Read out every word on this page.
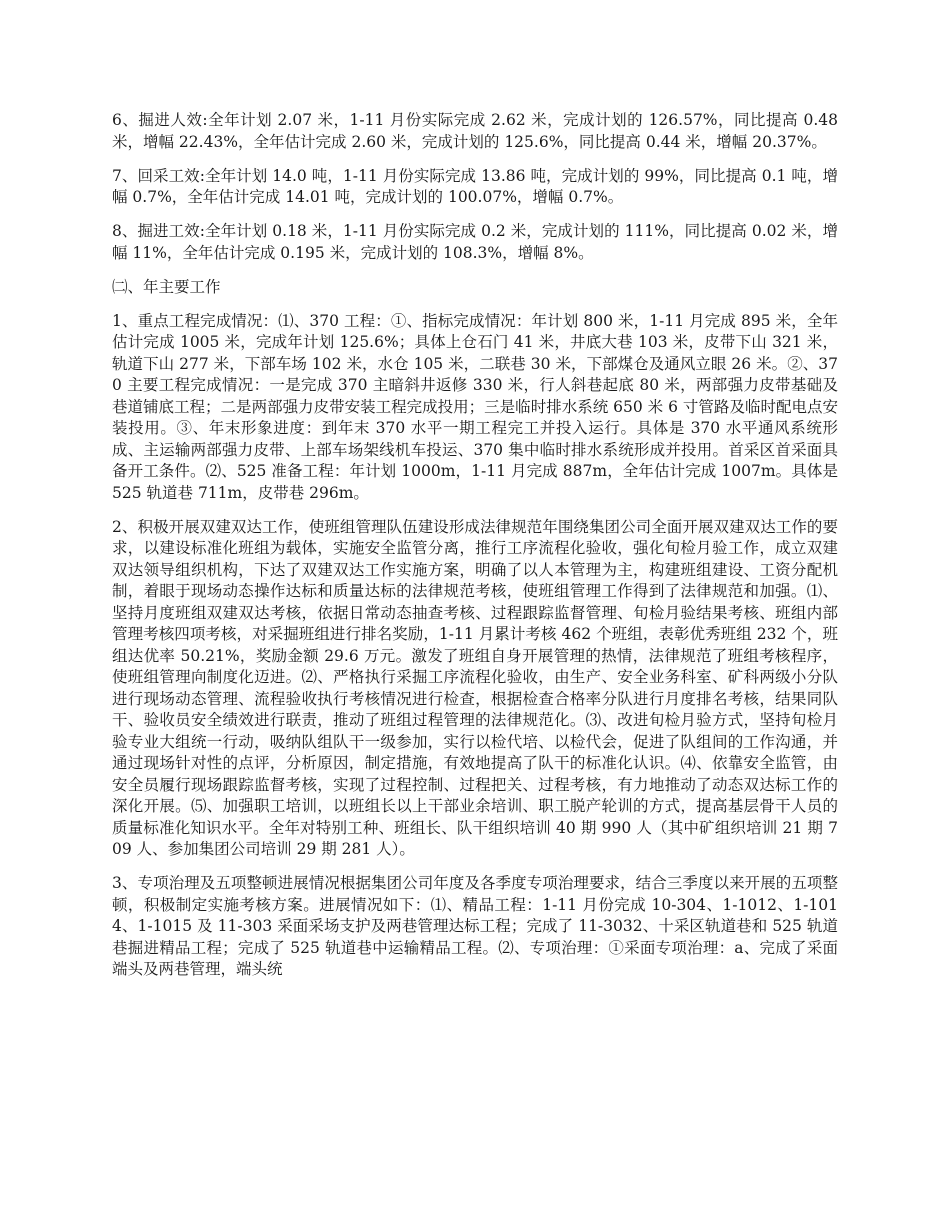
6、掘进人效:全年计划 2.07 米，1-11 月份实际完成 2.62 米，完成计划的 126.57%，同比提高 0.48 米，增幅 22.43%，全年估计完成 2.60 米，完成计划的 125.6%，同比提高 0.44 米，增幅 20.37%。

7、回采工效:全年计划 14.0 吨，1-11 月份实际完成 13.86 吨，完成计划的 99%，同比提高 0.1 吨，增幅 0.7%，全年估计完成 14.01 吨，完成计划的 100.07%，增幅 0.7%。

8、掘进工效:全年计划 0.18 米，1-11 月份实际完成 0.2 米，完成计划的 111%，同比提高 0.02 米，增幅 11%，全年估计完成 0.195 米，完成计划的 108.3%，增幅 8%。

㈡、年主要工作

1、重点工程完成情况：⑴、370 工程：①、指标完成情况：年计划 800 米，1-11 月完成 895 米，全年估计完成 1005 米，完成年计划 125.6%；具体上仓石门 41 米，井底大巷 103 米，皮带下山 321 米，轨道下山 277 米，下部车场 102 米，水仓 105 米，二联巷 30 米，下部煤仓及通风立眼 26 米。②、370 主要工程完成情况：一是完成 370 主暗斜井返修 330 米，行人斜巷起底 80 米，两部强力皮带基础及巷道铺底工程；二是两部强力皮带安装工程完成投用；三是临时排水系统 650 米 6 寸管路及临时配电点安装投用。③、年末形象进度：到年末 370 水平一期工程完工并投入运行。具体是 370 水平通风系统形成、主运输两部强力皮带、上部车场架线机车投运、370 集中临时排水系统形成并投用。首采区首采面具备开工条件。⑵、525 准备工程：年计划 1000m，1-11 月完成 887m，全年估计完成 1007m。具体是 525 轨道巷 711m，皮带巷 296m。

2、积极开展双建双达工作，使班组管理队伍建设形成法律规范年围绕集团公司全面开展双建双达工作的要求，以建设标准化班组为载体，实施安全监管分离，推行工序流程化验收，强化旬检月验工作，成立双建双达领导组织机构，下达了双建双达工作实施方案，明确了以人本管理为主，构建班组建设、工资分配机制，着眼于现场动态操作达标和质量达标的法律规范考核，使班组管理工作得到了法律规范和加强。⑴、坚持月度班组双建双达考核，依据日常动态抽查考核、过程跟踪监督管理、旬检月验结果考核、班组内部管理考核四项考核，对采掘班组进行排名奖励，1-11 月累计考核 462 个班组，表彰优秀班组 232 个，班组达优率 50.21%，奖励金额 29.6 万元。激发了班组自身开展管理的热情，法律规范了班组考核程序，使班组管理向制度化迈进。⑵、严格执行采掘工序流程化验收，由生产、安全业务科室、矿科两级小分队进行现场动态管理、流程验收执行考核情况进行检查，根据检查合格率分队进行月度排名考核，结果同队干、验收员安全绩效进行联责，推动了班组过程管理的法律规范化。⑶、改进旬检月验方式，坚持旬检月验专业大组统一行动，吸纳队组队干一级参加，实行以检代培、以检代会，促进了队组间的工作沟通，并通过现场针对性的点评，分析原因，制定措施，有效地提高了队干的标准化认识。⑷、依靠安全监管，由安全员履行现场跟踪监督考核，实现了过程控制、过程把关、过程考核，有力地推动了动态双达标工作的深化开展。⑸、加强职工培训，以班组长以上干部业余培训、职工脱产轮训的方式，提高基层骨干人员的质量标准化知识水平。全年对特别工种、班组长、队干组织培训 40 期 990 人（其中矿组织培训 21 期 709 人、参加集团公司培训 29 期 281 人）。

3、专项治理及五项整顿进展情况根据集团公司年度及各季度专项治理要求，结合三季度以来开展的五项整顿，积极制定实施考核方案。进展情况如下：⑴、精品工程：1-11 月份完成 10-304、1-1012、1-1014、1-1015 及 11-303 采面采场支护及两巷管理达标工程；完成了 11-3032、十采区轨道巷和 525 轨道巷掘进精品工程；完成了 525 轨道巷中运输精品工程。⑵、专项治理：①采面专项治理：a、完成了采面端头及两巷管理，端头统
